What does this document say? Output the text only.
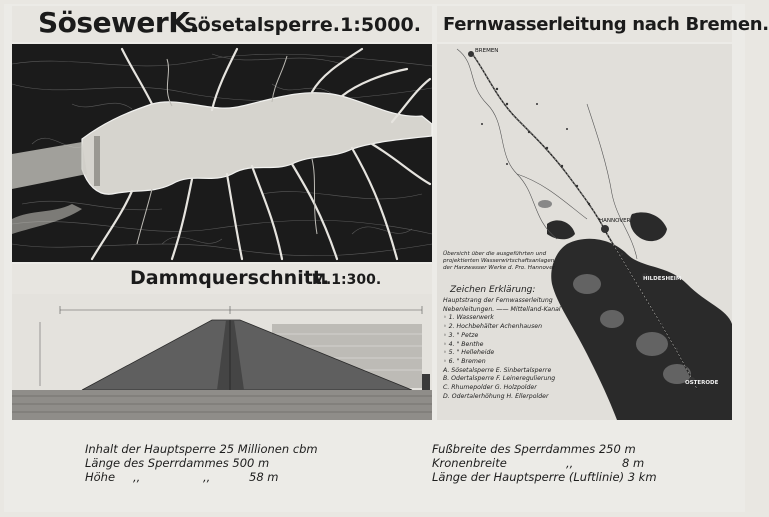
SösewerK.
Sösetalsperre. 1:5000. Fernwasserleitung nach Bremen.
Dammquerschnitt.
M.1:300.
BREMEN
HANNOVER
HILDESHEIM
OSTERODE
Übersicht über die ausgeführten und
projektierten Wasserwirtschaftsanlagen
der Harzwasser Werke d. Pro. Hannover
Zeichen Erklärung:
Hauptstrang der Fernwasserleitung
Nebenleitungen. —— Mittelland-Kanal
◦ 1. Wasserwerk
◦ 2. Hochbehälter Achenhausen
◦ 3. " Petze
◦ 4. " Benthe
◦ 5. " Helleheide
◦ 6. " Bremen
A. Sösetalsperre E. Sinbertalsperre
B. Odertalsperre F. Leineregulierung
C. Rhumepolder G. Holzpolder
D. Odertalerhöhung H. Ellerpolder
Inhalt der Hauptsperre 25 Millionen cbm
Länge des Sperrdammes 500 m
Höhe ,,	,,	58 m
Fußbreite des Sperrdammes 250 m
Kronenbreite	,,	8 m
Länge der Hauptsperre (Luftlinie) 3 km
